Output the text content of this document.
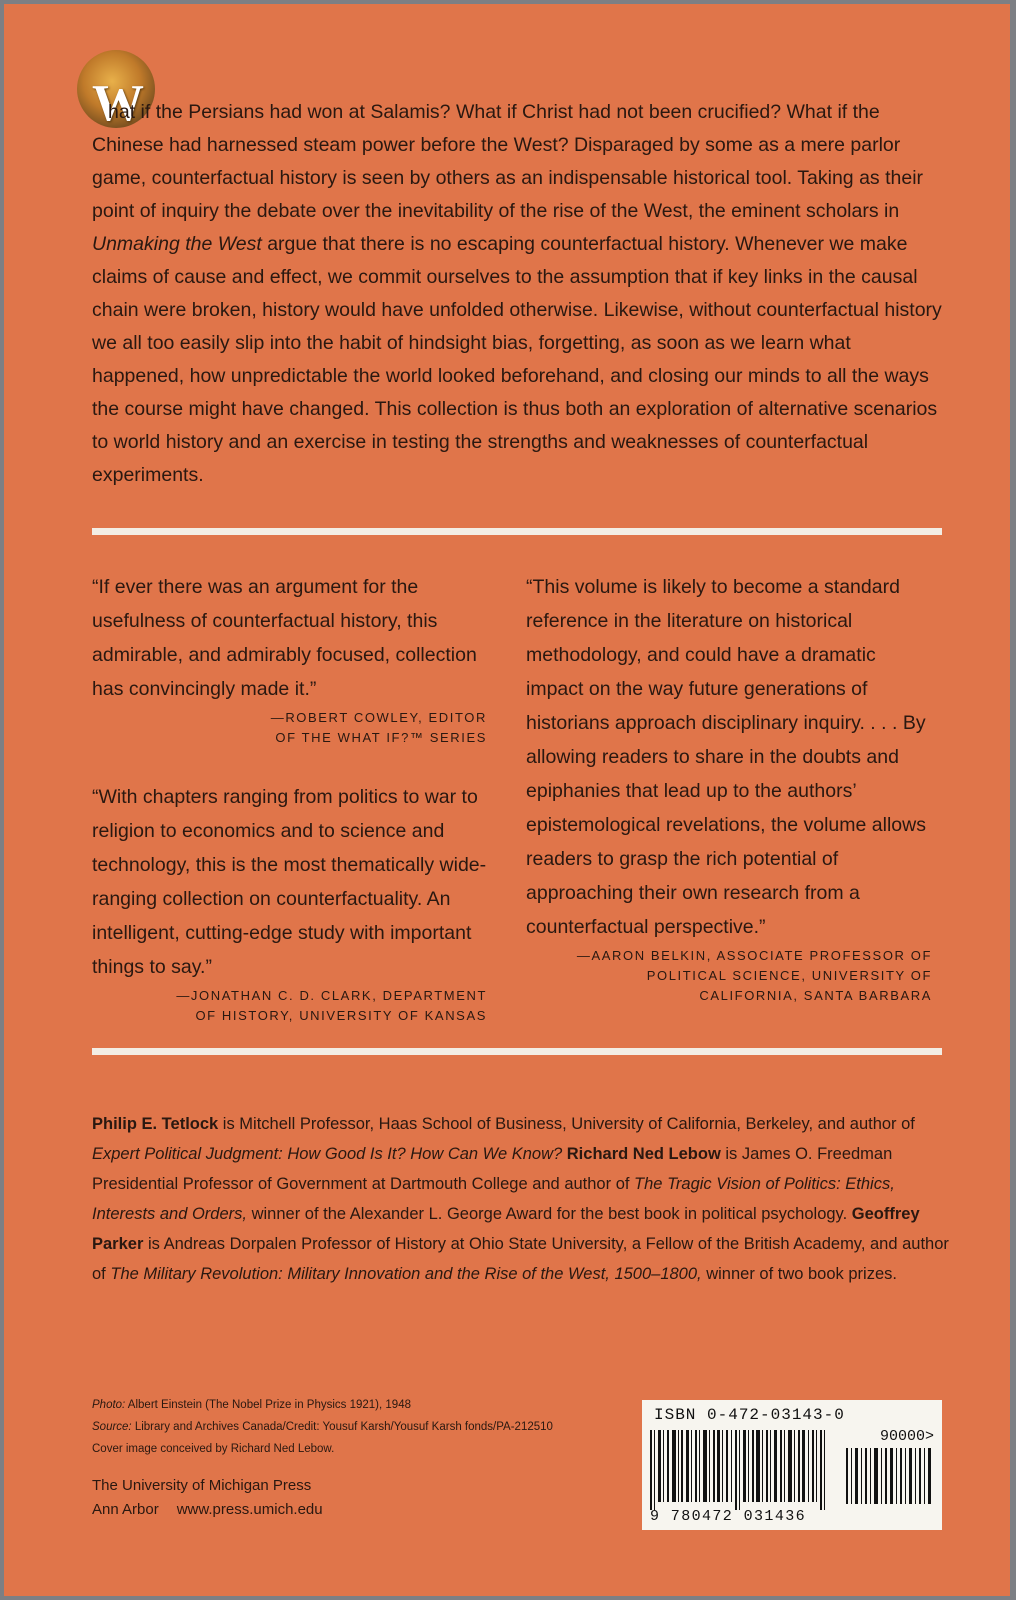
W
hat if the Persians had won at Salamis? What if Christ had not been crucified? What if the Chinese had harnessed steam power before the West? Disparaged by some as a mere parlor game, counterfactual history is seen by others as an indispensable historical tool. Taking as their point of inquiry the debate over the inevitability of the rise of the West, the eminent scholars in Unmaking the West argue that there is no escaping counterfactual history. Whenever we make claims of cause and effect, we commit ourselves to the assumption that if key links in the causal chain were broken, history would have unfolded otherwise. Likewise, without counterfactual history we all too easily slip into the habit of hindsight bias, forgetting, as soon as we learn what happened, how unpredictable the world looked beforehand, and closing our minds to all the ways the course might have changed. This collection is thus both an exploration of alternative scenarios to world history and an exercise in testing the strengths and weaknesses of counterfactual experiments.

“If ever there was an argument for the usefulness of counterfactual history, this admirable, and admirably focused, collection has convincingly made it.”

—ROBERT COWLEY, EDITOR
OF THE WHAT IF?™ SERIES

“With chapters ranging from politics to war to religion to economics and to science and technology, this is the most thematically wide-ranging collection on counterfactuality. An intelligent, cutting-edge study with important things to say.”

—JONATHAN C. D. CLARK, DEPARTMENT
OF HISTORY, UNIVERSITY OF KANSAS

“This volume is likely to become a standard reference in the literature on historical methodology, and could have a dramatic impact on the way future generations of historians approach disciplinary inquiry. . . . By allowing readers to share in the doubts and epiphanies that lead up to the authors’ epistemological revelations, the volume allows readers to grasp the rich potential of approaching their own research from a counterfactual perspective.”

—AARON BELKIN, ASSOCIATE PROFESSOR OF
POLITICAL SCIENCE, UNIVERSITY OF
CALIFORNIA, SANTA BARBARA
Philip E. Tetlock is Mitchell Professor, Haas School of Business, University of California, Berkeley, and author of Expert Political Judgment: How Good Is It? How Can We Know? Richard Ned Lebow is James O. Freedman Presidential Professor of Government at Dartmouth College and author of The Tragic Vision of Politics: Ethics, Interests and Orders, winner of the Alexander L. George Award for the best book in political psychology. Geoffrey Parker is Andreas Dorpalen Professor of History at Ohio State University, a Fellow of the British Academy, and author of The Military Revolution: Military Innovation and the Rise of the West, 1500–1800, winner of two book prizes.
Photo: Albert Einstein (The Nobel Prize in Physics 1921), 1948
Source: Library and Archives Canada/Credit: Yousuf Karsh/Yousuf Karsh fonds/PA-212510
Cover image conceived by Richard Ned Lebow.
The University of Michigan Press
Ann Arbor www.press.umich.edu
ISBN 0-472-03143-0
90000>
9 780472 031436
